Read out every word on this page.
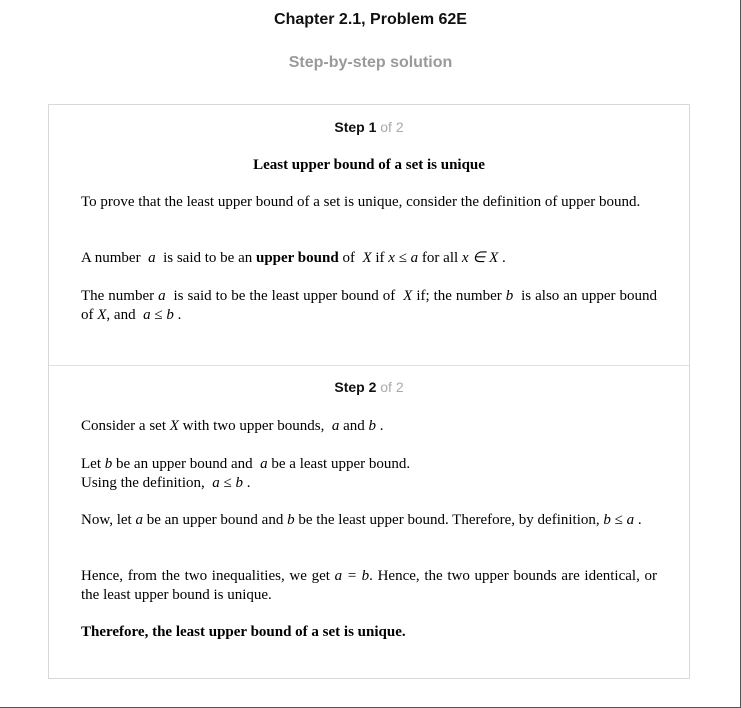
Chapter 2.1, Problem 62E
Step-by-step solution
Step 1 of 2
Least upper bound of a set is unique
To prove that the least upper bound of a set is unique, consider the definition of upper bound.
A number a is said to be an upper bound of X if x ≤ a for all x ∈ X .
The number a is said to be the least upper bound of X if; the number b is also an upper bound of X, and a ≤ b .
Step 2 of 2
Consider a set X with two upper bounds, a and b .
Let b be an upper bound and a be a least upper bound.
Using the definition, a ≤ b .
Now, let a be an upper bound and b be the least upper bound. Therefore, by definition, b ≤ a .
Hence, from the two inequalities, we get a = b. Hence, the two upper bounds are identical, or the least upper bound is unique.
Therefore, the least upper bound of a set is unique.
